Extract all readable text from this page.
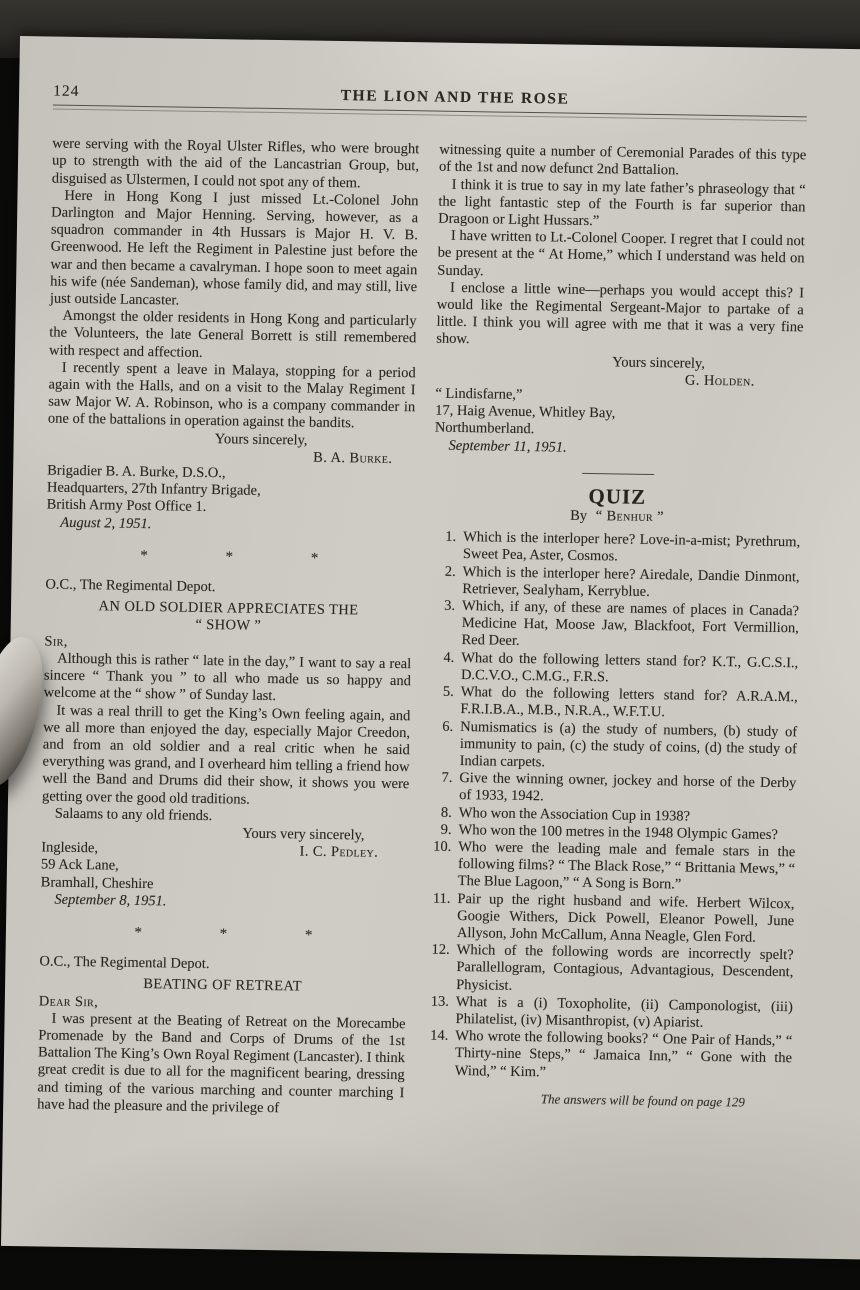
124	THE LION AND THE ROSE

were serving with the Royal Ulster Rifles, who were brought up to strength with the aid of the Lancastrian Group, but, disguised as Ulstermen, I could not spot any of them.

Here in Hong Kong I just missed Lt.-Colonel John Darlington and Major Henning. Serving, however, as a squadron commander in 4th Hussars is Major H. V. B. Greenwood. He left the Regiment in Palestine just before the war and then became a cavalryman. I hope soon to meet again his wife (née Sandeman), whose family did, and may still, live just outside Lancaster.

Amongst the older residents in Hong Kong and particularly the Volunteers, the late General Borrett is still remembered with respect and affection.

I recently spent a leave in Malaya, stopping for a period again with the Halls, and on a visit to the Malay Regiment I saw Major W. A. Robinson, who is a company commander in one of the battalions in operation against the bandits.

Yours sincerely,
B. A. Burke.
Brigadier B. A. Burke, D.S.O.,
Headquarters, 27th Infantry Brigade,
British Army Post Office 1.
August 2, 1951.
* * *
O.C., The Regimental Depot.
AN OLD SOLDIER APPRECIATES THE
“ SHOW ”
Sir,

Although this is rather “ late in the day,” I want to say a real sincere “ Thank you ” to all who made us so happy and welcome at the “ show ” of Sunday last.

It was a real thrill to get the King’s Own feeling again, and we all more than enjoyed the day, especially Major Creedon, and from an old soldier and a real critic when he said everything was grand, and I overheard him telling a friend how well the Band and Drums did their show, it shows you were getting over the good old traditions.

Salaams to any old friends.

Yours very sincerely,
Ingleside,	I. C. Pedley.
59 Ack Lane,
Bramhall, Cheshire
September 8, 1951.
* * *
O.C., The Regimental Depot.
BEATING OF RETREAT
Dear Sir,

I was present at the Beating of Retreat on the Morecambe Promenade by the Band and Corps of Drums of the 1st Battalion The King’s Own Royal Regiment (Lancaster). I think great credit is due to all for the magnificent bearing, dressing and timing of the various marching and counter marching I have had the pleasure and the privilege of

witnessing quite a number of Ceremonial Parades of this type of the 1st and now defunct 2nd Battalion.

I think it is true to say in my late father’s phraseology that “ the light fantastic step of the Fourth is far superior than Dragoon or Light Hussars.”

I have written to Lt.-Colonel Cooper. I regret that I could not be present at the “ At Home,” which I understand was held on Sunday.

I enclose a little wine—perhaps you would accept this? I would like the Regimental Sergeant-Major to partake of a little. I think you will agree with me that it was a very fine show.

Yours sincerely,
G. Holden.
“ Lindisfarne,”
17, Haig Avenue, Whitley Bay,
Northumberland.
September 11, 1951.
QUIZ
By “ Benhur ”
1. Which is the interloper here? Love-in-a-mist; Pyrethrum, Sweet Pea, Aster, Cosmos.
2. Which is the interloper here? Airedale, Dandie Dinmont, Retriever, Sealyham, Kerryblue.
3. Which, if any, of these are names of places in Canada? Medicine Hat, Moose Jaw, Blackfoot, Fort Vermillion, Red Deer.
4. What do the following letters stand for? K.T., G.C.S.I., D.C.V.O., C.M.G., F.R.S.
5. What do the following letters stand for? A.R.A.M., F.R.I.B.A., M.B., N.R.A., W.F.T.U.
6. Numismatics is (a) the study of numbers, (b) study of immunity to pain, (c) the study of coins, (d) the study of Indian carpets.
7. Give the winning owner, jockey and horse of the Derby of 1933, 1942.
8. Who won the Association Cup in 1938?
9. Who won the 100 metres in the 1948 Olympic Games?
10. Who were the leading male and female stars in the following films? “ The Black Rose,” “ Brittania Mews,” “ The Blue Lagoon,” “ A Song is Born.”
11. Pair up the right husband and wife. Herbert Wilcox, Googie Withers, Dick Powell, Eleanor Powell, June Allyson, John McCallum, Anna Neagle, Glen Ford.
12. Which of the following words are incorrectly spelt? Parallellogram, Contagious, Advantagious, Descendent, Physicist.
13. What is a (i) Toxopholite, (ii) Camponologist, (iii) Philatelist, (iv) Misanthropist, (v) Apiarist.
14. Who wrote the following books? “ One Pair of Hands,” “ Thirty-nine Steps,” “ Jamaica Inn,” “ Gone with the Wind,” “ Kim.”
The answers will be found on page 129
